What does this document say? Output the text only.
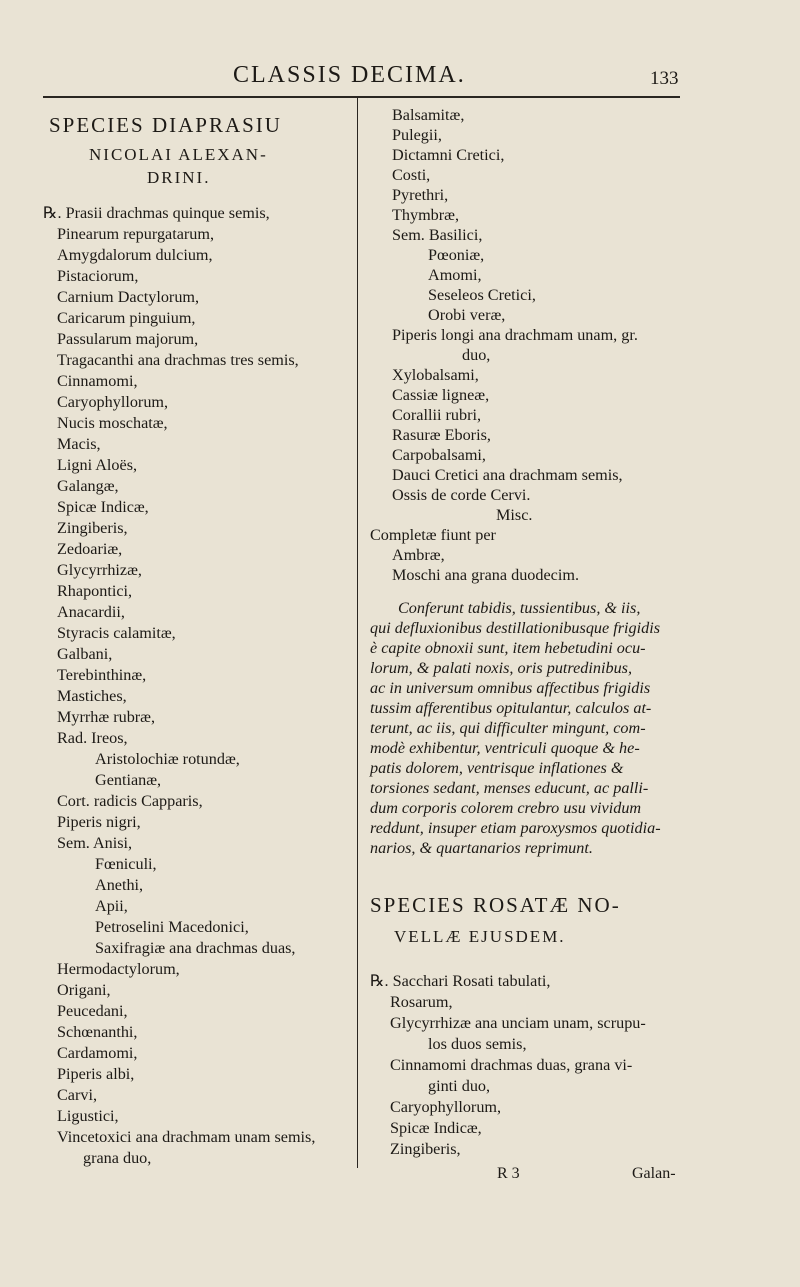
CLASSIS DECIMA.	133
SPECIES DIAPRASIU
NICOLAI ALEXAN-
DRINI.
℞. Prasii drachmas quinque semis,
Pinearum repurgatarum,
Amygdalorum dulcium,
Pistaciorum,
Carnium Dactylorum,
Caricarum pinguium,
Passularum majorum,
Tragacanthi ana drachmas tres semis,
Cinnamomi,
Caryophyllorum,
Nucis moschatæ,
Macis,
Ligni Aloës,
Galangæ,
Spicæ Indicæ,
Zingiberis,
Zedoariæ,
Glycyrrhizæ,
Rhapontici,
Anacardii,
Styracis calamitæ,
Galbani,
Terebinthinæ,
Mastiches,
Myrrhæ rubræ,
Rad. Ireos,
Aristolochiæ rotundæ,
Gentianæ,
Cort. radicis Capparis,
Piperis nigri,
Sem. Anisi,
Fœniculi,
Anethi,
Apii,
Petroselini Macedonici,
Saxifragiæ ana drachmas duas,
Hermodactylorum,
Origani,
Peucedani,
Schœnanthi,
Cardamomi,
Piperis albi,
Carvi,
Ligustici,
Vincetoxici ana drachmam unam semis,
grana duo,
Balsamitæ,
Pulegii,
Dictamni Cretici,
Costi,
Pyrethri,
Thymbræ,
Sem. Basilici,
Pœoniæ,
Amomi,
Seseleos Cretici,
Orobi veræ,
Piperis longi ana drachmam unam, gr.
duo,
Xylobalsami,
Cassiæ ligneæ,
Corallii rubri,
Rasuræ Eboris,
Carpobalsami,
Dauci Cretici ana drachmam semis,
Ossis de corde Cervi.
Misc.
Completæ fiunt per
Ambræ,
Moschi ana grana duodecim.
Conferunt tabidis, tussientibus, & iis,
qui defluxionibus destillationibusque frigidis
è capite obnoxii sunt, item hebetudini ocu-
lorum, & palati noxis, oris putredinibus,
ac in universum omnibus affectibus frigidis
tussim afferentibus opitulantur, calculos at-
terunt, ac iis, qui difficulter mingunt, com-
modè exhibentur, ventriculi quoque & he-
patis dolorem, ventrisque inflationes &
torsiones sedant, menses educunt, ac palli-
dum corporis colorem crebro usu vividum
reddunt, insuper etiam paroxysmos quotidia-
narios, & quartanarios reprimunt.
SPECIES ROSATÆ NO-
VELLÆ EJUSDEM.
℞. Sacchari Rosati tabulati,
Rosarum,
Glycyrrhizæ ana unciam unam, scrupu-
los duos semis,
Cinnamomi drachmas duas, grana vi-
ginti duo,
Caryophyllorum,
Spicæ Indicæ,
Zingiberis,
R 3	Galan-
